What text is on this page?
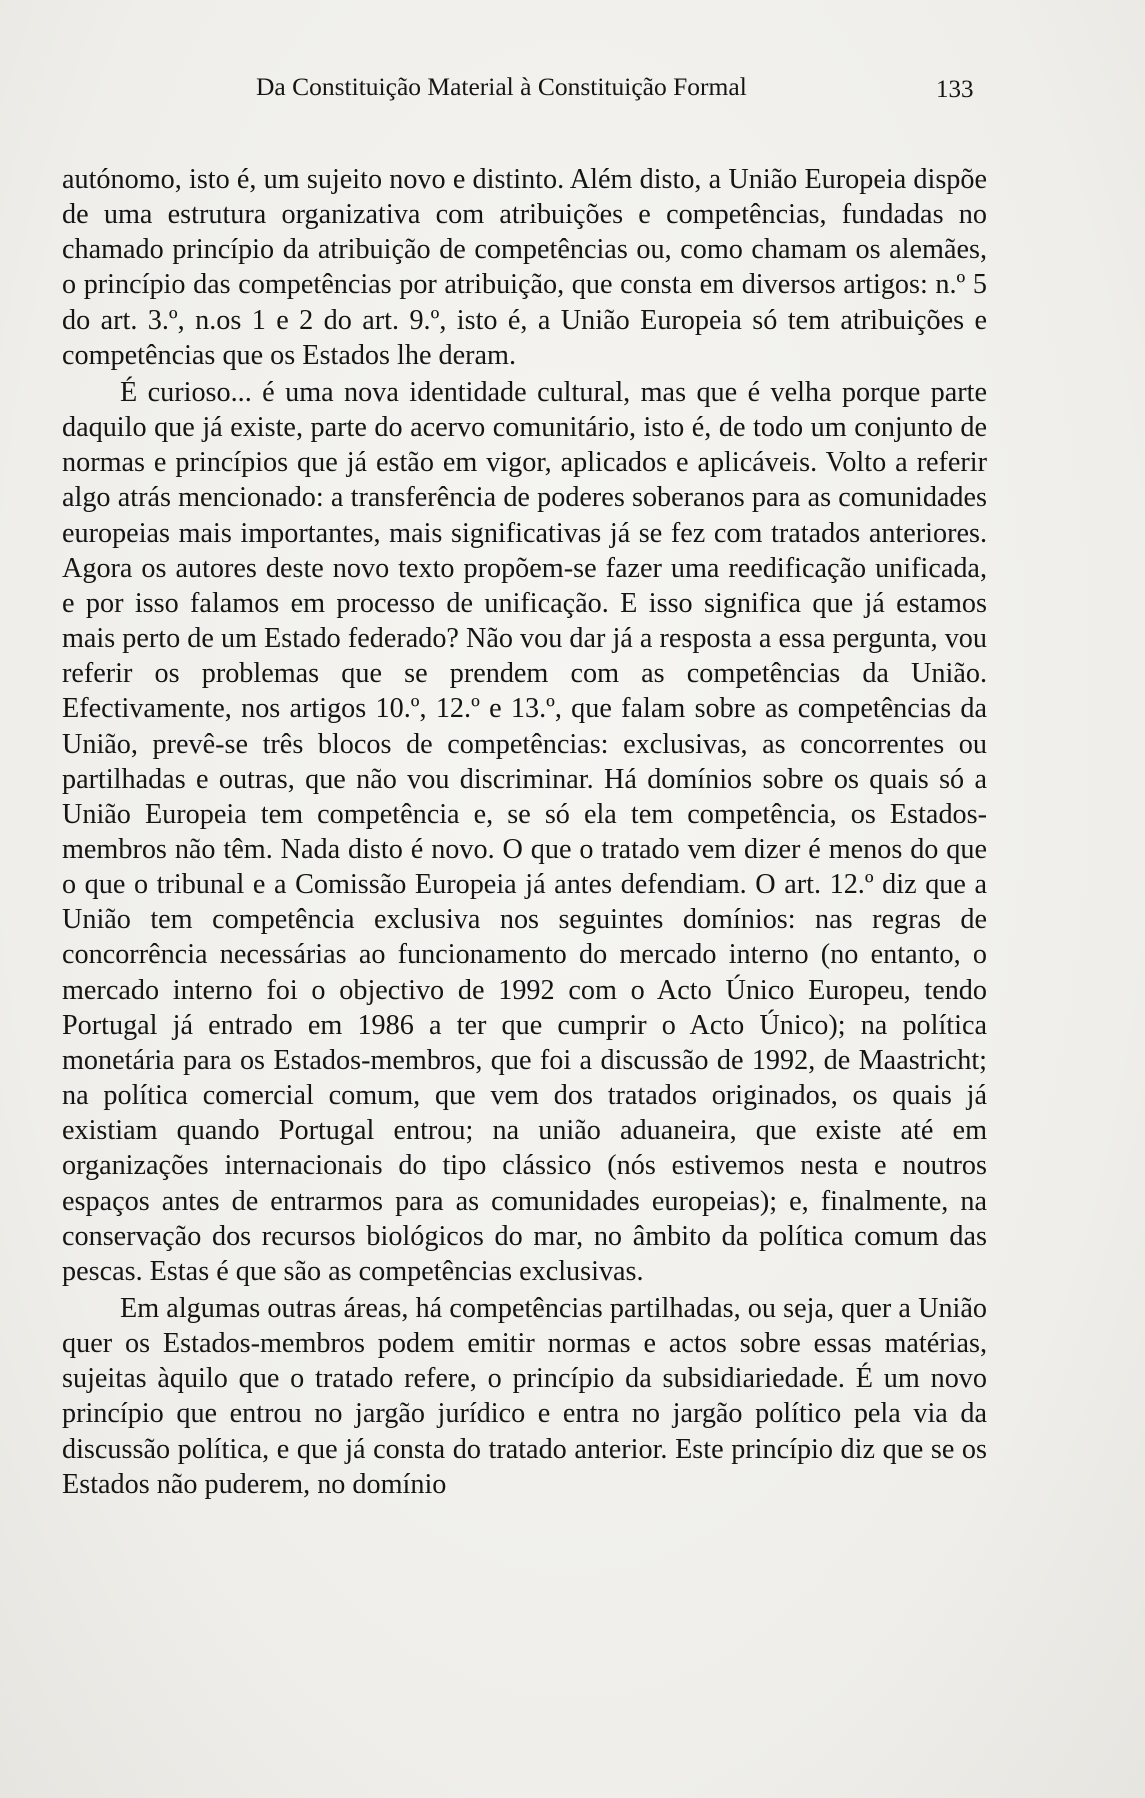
Da Constituição Material à Constituição Formal	133

autónomo, isto é, um sujeito novo e distinto. Além disto, a União Europeia dispõe de uma estrutura organizativa com atribuições e competências, fundadas no chamado princípio da atribuição de competências ou, como chamam os alemães, o princípio das competências por atribuição, que consta em diversos artigos: n.º 5 do art. 3.º, n.os 1 e 2 do art. 9.º, isto é, a União Europeia só tem atribuições e competências que os Estados lhe deram.

É curioso... é uma nova identidade cultural, mas que é velha porque parte daquilo que já existe, parte do acervo comunitário, isto é, de todo um conjunto de normas e princípios que já estão em vigor, aplicados e aplicáveis. Volto a referir algo atrás mencionado: a transferência de poderes soberanos para as comunidades europeias mais importantes, mais significativas já se fez com tratados anteriores. Agora os autores deste novo texto propõem-se fazer uma reedificação unificada, e por isso falamos em processo de unificação. E isso significa que já estamos mais perto de um Estado federado? Não vou dar já a resposta a essa pergunta, vou referir os problemas que se prendem com as competências da União. Efectivamente, nos artigos 10.º, 12.º e 13.º, que falam sobre as competências da União, prevê-se três blocos de competências: exclusivas, as concorrentes ou partilhadas e outras, que não vou discriminar. Há domínios sobre os quais só a União Europeia tem competência e, se só ela tem competência, os Estados-membros não têm. Nada disto é novo. O que o tratado vem dizer é menos do que o que o tribunal e a Comissão Europeia já antes defendiam. O art. 12.º diz que a União tem competência exclusiva nos seguintes domínios: nas regras de concorrência necessárias ao funcionamento do mercado interno (no entanto, o mercado interno foi o objectivo de 1992 com o Acto Único Europeu, tendo Portugal já entrado em 1986 a ter que cumprir o Acto Único); na política monetária para os Estados-membros, que foi a discussão de 1992, de Maastricht; na política comercial comum, que vem dos tratados originados, os quais já existiam quando Portugal entrou; na união aduaneira, que existe até em organizações internacionais do tipo clássico (nós estivemos nesta e noutros espaços antes de entrarmos para as comunidades europeias); e, finalmente, na conservação dos recursos biológicos do mar, no âmbito da política comum das pescas. Estas é que são as competências exclusivas.

Em algumas outras áreas, há competências partilhadas, ou seja, quer a União quer os Estados-membros podem emitir normas e actos sobre essas matérias, sujeitas àquilo que o tratado refere, o princípio da subsidiariedade. É um novo princípio que entrou no jargão jurídico e entra no jargão político pela via da discussão política, e que já consta do tratado anterior. Este princípio diz que se os Estados não puderem, no domínio
